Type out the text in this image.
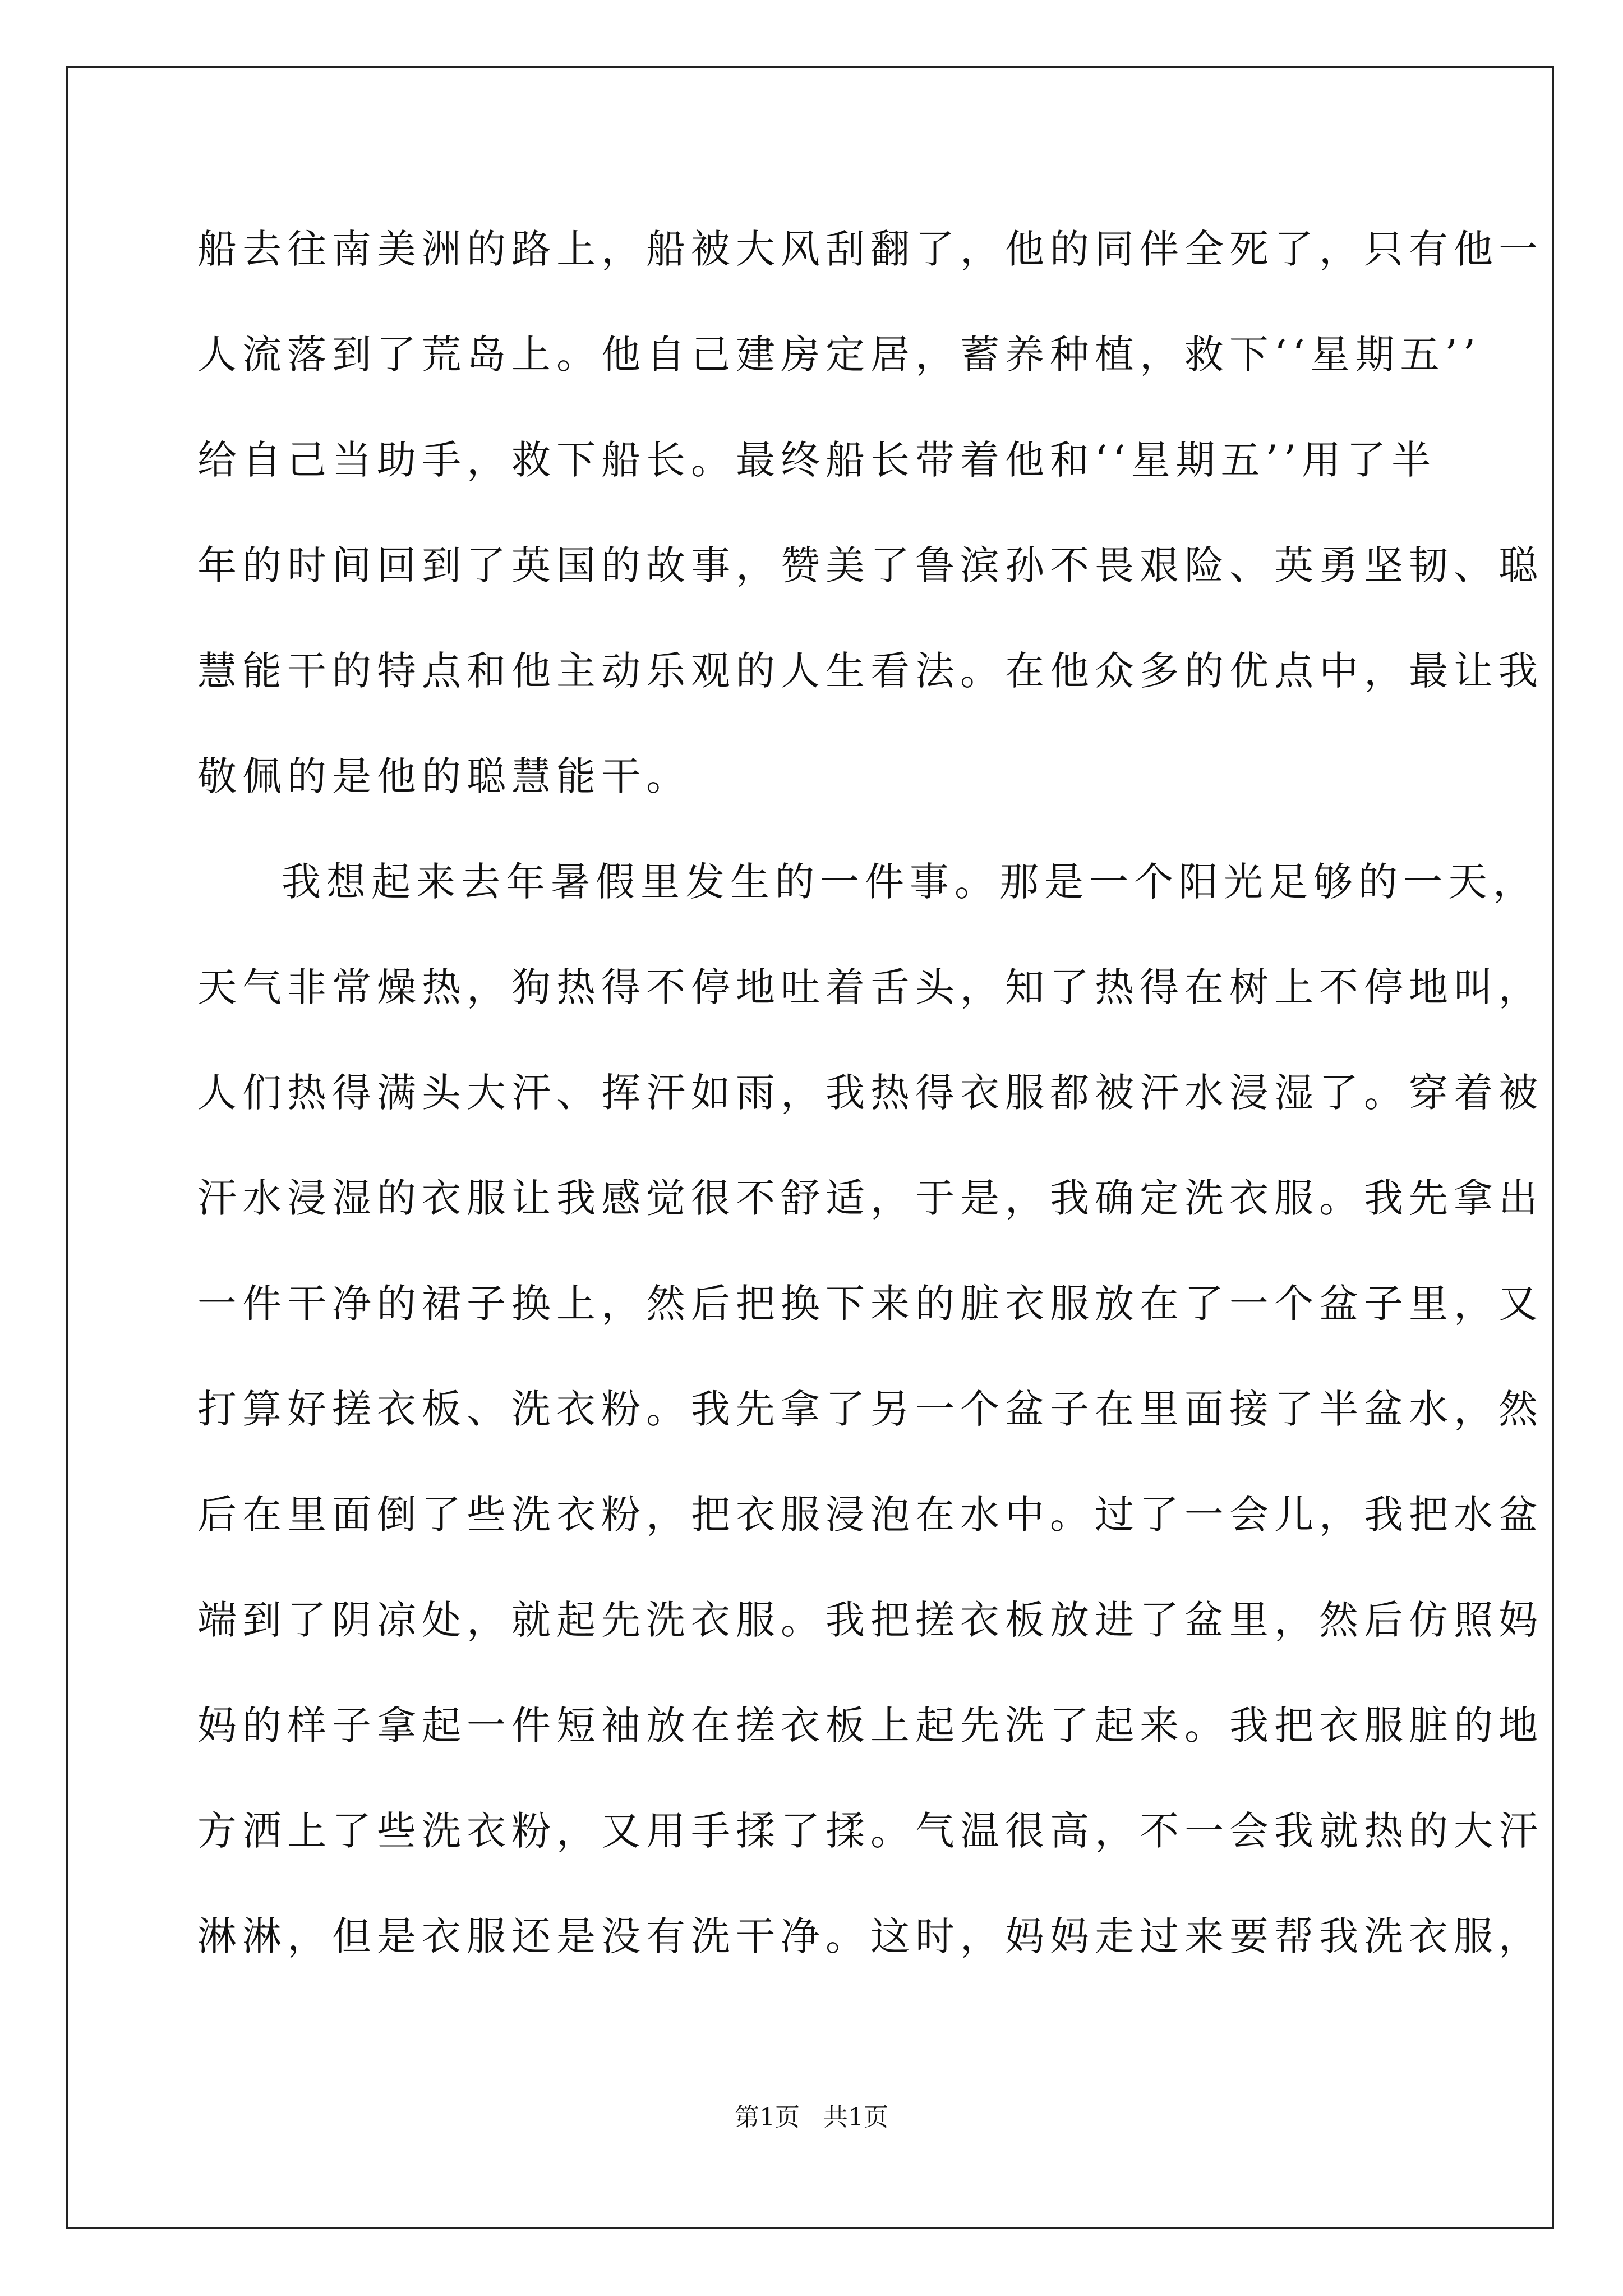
船去往南美洲的路上，船被大风刮翻了，他的同伴全死了，只有他一
人流落到了荒岛上。他自己建房定居，蓄养种植，救下‘‘星期五’’
给自己当助手，救下船长。最终船长带着他和‘‘星期五’’用了半
年的时间回到了英国的故事，赞美了鲁滨孙不畏艰险、英勇坚韧、聪
慧能干的特点和他主动乐观的人生看法。在他众多的优点中，最让我
敬佩的是他的聪慧能干。
我想起来去年暑假里发生的一件事。那是一个阳光足够的一天，
天气非常燥热，狗热得不停地吐着舌头，知了热得在树上不停地叫，
人们热得满头大汗、挥汗如雨，我热得衣服都被汗水浸湿了。穿着被
汗水浸湿的衣服让我感觉很不舒适，于是，我确定洗衣服。我先拿出
一件干净的裙子换上，然后把换下来的脏衣服放在了一个盆子里，又
打算好搓衣板、洗衣粉。我先拿了另一个盆子在里面接了半盆水，然
后在里面倒了些洗衣粉，把衣服浸泡在水中。过了一会儿，我把水盆
端到了阴凉处，就起先洗衣服。我把搓衣板放进了盆里，然后仿照妈
妈的样子拿起一件短袖放在搓衣板上起先洗了起来。我把衣服脏的地
方洒上了些洗衣粉，又用手揉了揉。气温很高，不一会我就热的大汗
淋淋，但是衣服还是没有洗干净。这时，妈妈走过来要帮我洗衣服，
第1页   共1页
